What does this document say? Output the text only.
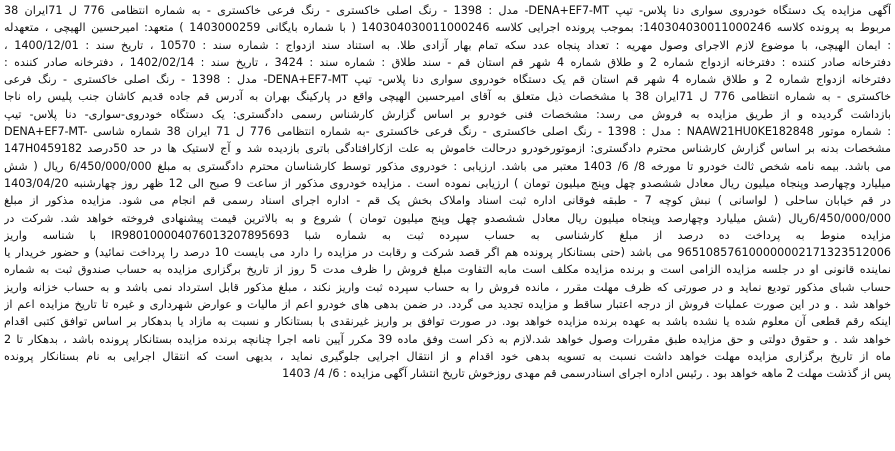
آگهی مزایده یک دستگاه خودروی سواری دنا پلاس- تیپ DENA+EF7-MT- مدل : 1398 - رنگ اصلی خاکستری - رنگ فرعی خاکستری - به شماره انتظامی 776 ل 71ایران 38
مربوط به پرونده کلاسه 140304030011000246: بموجب پرونده اجرایی کلاسه 140304030011000246 ( با شماره بایگانی 1403000259 ) متعهد: امیرحسین الهیچی ، متعهدله
: ایمان الهیچی، با موضوع لازم الاجرای وصول مهریه : تعداد پنجاه عدد سکه تمام بهار آزادی طلا. به استناد سند ازدواج : شماره سند : 10570 ، تاریخ سند : 1400/12/01 ،
دفترخانه صادر کننده : دفترخانه ازدواج شماره 2 و طلاق شماره 4 شهر قم استان قم - سند طلاق : شماره سند : 3424 ، تاریخ سند : 1402/02/14 ، دفترخانه صادر کننده :
دفترخانه ازدواج شماره 2 و طلاق شماره 4 شهر قم استان قم یک دستگاه خودروی سواری دنا پلاس- تیپ DENA+EF7-MT- مدل : 1398 - رنگ اصلی خاکستری - رنگ فرعی
خاکستری - به شماره انتظامی 776 ل 71ایران 38 با مشخصات ذیل متعلق به آقای امیرحسین الهیچی واقع در پارکینگ بهران به آدرس قم جاده قدیم کاشان جنب پلیس راه ناجا
بازداشت گردیده و از طریق مزایده به فروش می رسد: مشخصات فنی خودرو بر اساس گزارش کارشناس رسمی دادگستری: یک دستگاه خودروی-سواری- دنا پلاس- تیپ
DENA+EF7-MT- مدل : 1398 - رنگ اصلی خاکستری - رنگ فرعی خاکستری -به شماره انتظامی 776 ل 71 ایران 38 شماره شاسی : NAAW21HU0KE182848 شماره موتور :
147H0459182 مشخصات بدنه بر اساس گزارش کارشناس محترم دادگستری: ازموتورخودرو درحالت خاموش به علت ازکارافتادگی باتری بازدیده شد و آج لاستیک ها در حد 50درصد
می باشد. بیمه نامه شخص ثالث خودرو تا مورخه 8/ 6/ 1403 معتبر می باشد. ارزیابی : خودروی مذکور توسط کارشناسان محترم دادگستری به مبلغ 6/450/000/000 ریال ( شش
میلیارد وچهارصد وپنجاه میلیون ریال معادل ششصدو چهل وپنج میلیون تومان ) ارزیابی نموده است . مزایده خودروی مذکور از ساعت 9 صبح الی 12 ظهر روز چهارشنبه 1403/04/20
در قم خیابان ساحلی ( لواسانی ) نبش کوچه 7 - طبقه فوقانی اداره ثبت اسناد واملاک بخش یک قم - اداره اجرای اسناد رسمی قم انجام می شود. مزایده مذکور از مبلغ
6/450/000/000ریال (شش میلیارد وچهارصد وپنجاه میلیون ریال معادل ششصدو چهل وپنج میلیون تومان ) شروع و به بالاترین قیمت پیشنهادی فروخته خواهد شد. شرکت در
مزایده منوط به پرداخت ده درصد از مبلغ کارشناسی به حساب سپرده ثبت به شماره شبا IR980100004076013207895693 با شناسه واریز
965108576100000002171323512006 می باشد (حتی بستانکار پرونده هم اگر قصد شرکت و رقابت در مزایده را دارد می بایست 10 درصد را پرداخت نمائید) و حضور خریدار یا
نماینده قانونی او در جلسه مزایده الزامی است و برنده مزایده مکلف است مابه التفاوت مبلغ فروش را ظرف مدت 5 روز از تاریخ برگزاری مزایده به حساب صندوق ثبت به شماره
حساب شبای مذکور تودیع نماید و در صورتی که ظرف مهلت مقرر ، مانده فروش را به حساب سپرده ثبت واریز نکند ، مبلغ مذکور قابل استرداد نمی باشد و به حساب خزانه واریز
خواهد شد . و در این صورت عملیات فروش از درجه اعتبار ساقط و مزایده تجدید می گردد. در ضمن بدهی های خودرو اعم از مالیات و عوارض شهرداری و غیره تا تاریخ مزایده اعم از
اینکه رقم قطعی آن معلوم شده یا نشده باشد به عهده برنده مزایده خواهد بود. در صورت توافق بر واریز غیرنقدی با بستانکار و نسبت به مازاد یا بدهکار بر اساس توافق کتبی اقدام
خواهد شد . و حقوق دولتی و حق مزایده طبق مقررات وصول خواهد شد.لازم به ذکر است وفق ماده 39 مکرر آیین نامه اجرا چنانچه برنده مزایده بستانکار پرونده باشد ، بدهکار تا 2
ماه از تاریخ برگزاری مزایده مهلت خواهد داشت نسبت به تسویه بدهی خود اقدام و از انتقال اجرایی جلوگیری نماید ، بدیهی است که انتقال اجرایی به نام بستانکار پرونده
پس از گذشت مهلت 2 ماهه خواهد بود . رئیس اداره اجرای اسنادرسمی قم مهدی روزخوش تاریخ انتشار آگهی مزایده : 6/ 4/ 1403
